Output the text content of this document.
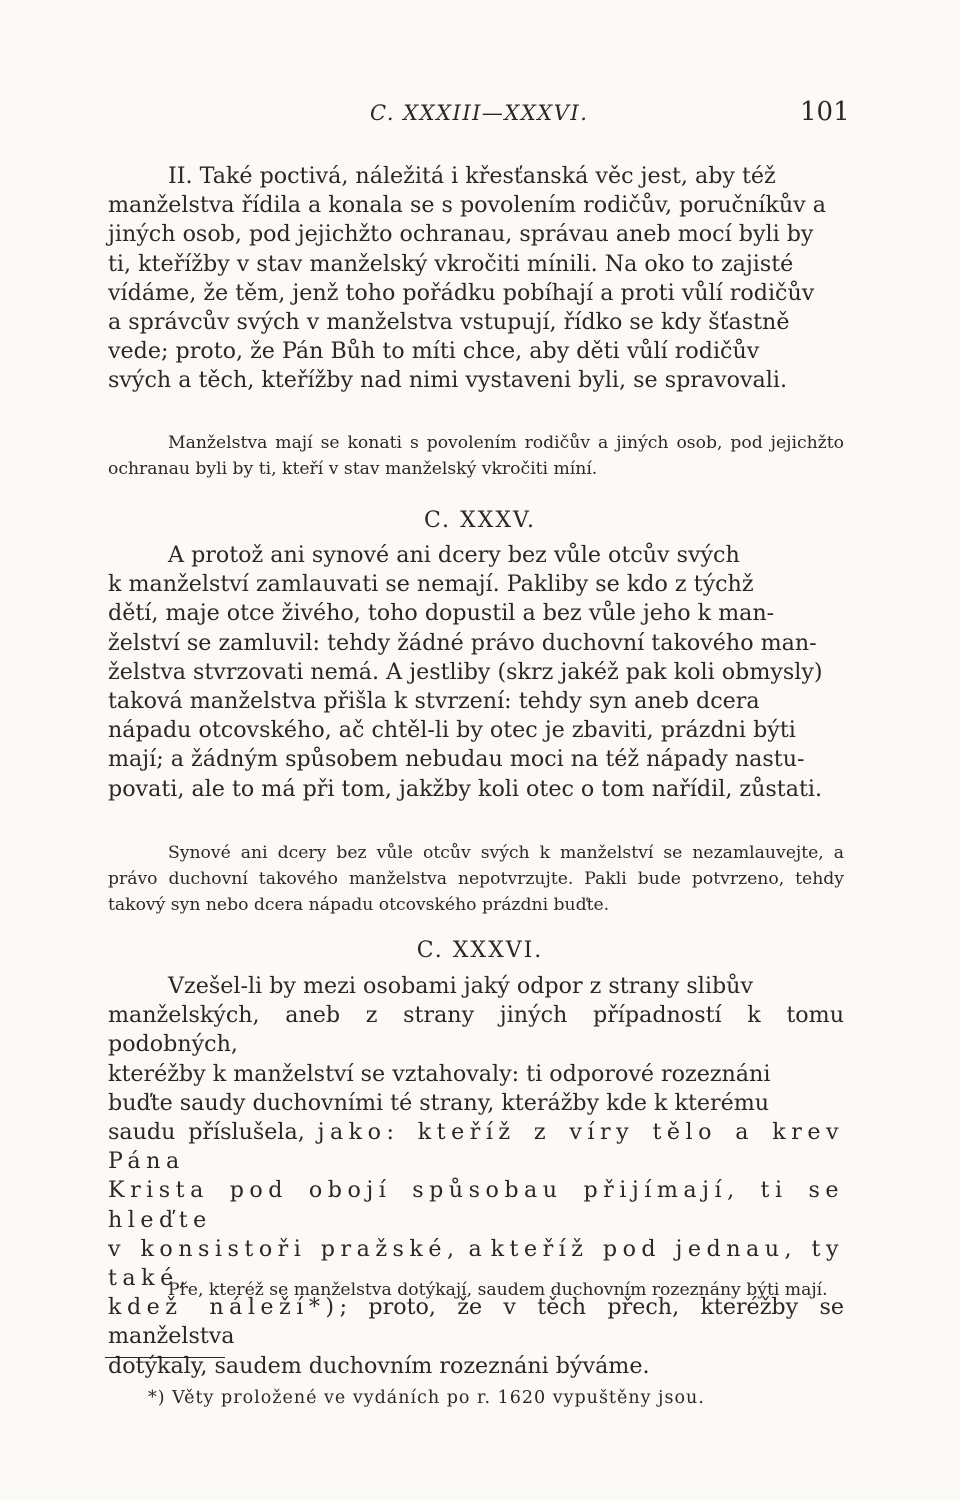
C. XXXIII—XXXVI.	101

II. Také poctivá, náležitá i křesťanská věc jest, aby též
manželstva řídila a konala se s povolením rodičův, poručníkův a
jiných osob, pod jejichžto ochranau, správau aneb mocí byli by
ti, kteřížby v stav manželský vkročiti mínili. Na oko to zajisté
vídáme, že těm, jenž toho pořádku pobíhají a proti vůlí rodičův
a správcův svých v manželstva vstupují, řídko se kdy šťastně
vede; proto, že Pán Bůh to míti chce, aby děti vůlí rodičův
svých a těch, kteřížby nad nimi vystaveni byli, se spravovali.

Manželstva mají se konati s povolením rodičův a jiných osob, pod jejichžto ochranau byli by ti, kteří v stav manželský vkročiti míní.

C. XXXV.

A protož ani synové ani dcery bez vůle otcův svých
k manželství zamlauvati se nemají. Pakliby se kdo z týchž
dětí, maje otce živého, toho dopustil a bez vůle jeho k man-
želství se zamluvil: tehdy žádné právo duchovní takového man-
želstva stvrzovati nemá. A jestliby (skrz jakéž pak koli obmysly)
taková manželstva přišla k stvrzení: tehdy syn aneb dcera
nápadu otcovského, ač chtěl-li by otec je zbaviti, prázdni býti
mají; a žádným spůsobem nebudau moci na též nápady nastu-
povati, ale to má při tom, jakžby koli otec o tom nařídil, zůstati.

Synové ani dcery bez vůle otcův svých k manželství se nezamlauvejte, a právo duchovní takového manželstva nepotvrzujte. Pakli bude potvrzeno, tehdy takový syn nebo dcera nápadu otcovského prázdni buďte.

C. XXXVI.

Vzešel-li by mezi osobami jaký odpor z strany slibův
manželských, aneb z strany jiných případností k tomu podobných,
kteréžby k manželství se vztahovaly: ti odporové rozeznáni
buďte saudy duchovními té strany, kterážby kde k kterému
saudu příslušela, jako: kteříž z víry tělo a krev Pána
Krista pod obojí spůsobau přijímají, ti se hleďte
v konsistoři pražské, a kteříž pod jednau, ty také,
kdež náleží*); proto, že v těch přech, kteréžby se manželstva
dotýkaly, saudem duchovním rozeznáni býváme.

Pře, kteréž se manželstva dotýkají, saudem duchovním rozeznány býti mají.

*) Věty proložené ve vydáních po r. 1620 vypuštěny jsou.
